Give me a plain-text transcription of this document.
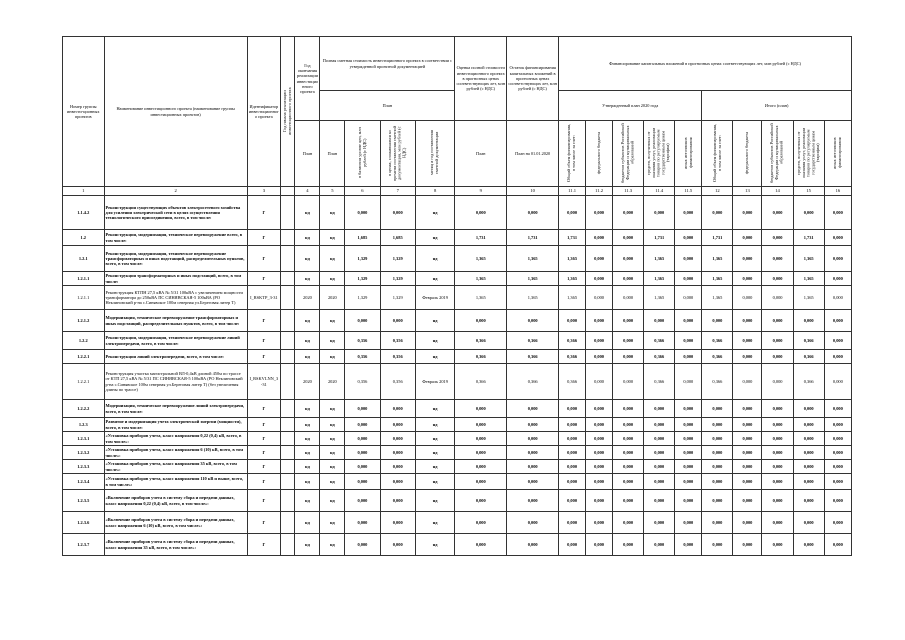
Номер группы инвести-ционных проектов	Наименование инвестиционного проекта (наименование группы инвестиционных проектов)	Идентификатор инвестиционного проекта	Год начала реализации инвестиционного проекта	Год окончания реализации инвестиционного проекта	Полная сметная стоимость инвестиционного проекта в соответствии с утвержденной проектной документацией				Оценка полной стоимости инвестиционного проекта в прогнозных ценах соответствующих лет, млн рублей (с НДС)	Остаток финансирования капитальных вложений в прогнозных ценах соответствующих лет, млн рублей (с НДС)	Финансирование капитальных вложений в прогнозных ценах соответствующих лет, млн рублей (с НДС)									
					План						Утвержденный план 2020 года					Итого (план)				
				План	План	в базисном уровне цен, млн рублей (с НДС)	в ценах, сложившихся ко времени составления сметной документации, млн рублей (с НДС)	месяц и год составления сметной документации	План	План на 01.01.2020	Общий объем финансирования, в том числе за счет:	федерального бюджета	бюджетов субъектов Российской Федерации и муниципальных образований	средств, полученных от оказания услуг, реализации товаров по регулируемым государственным ценам (тарифам)	иных источников финансирования	Общий объем финансирования, в том числе за счет:	федерального бюджета	бюджетов субъектов Российской Федерации и муниципальных образований	средств, полученных от оказания услуг, реализации товаров по регулируемым государственным ценам (тарифам)	иных источников финансирования
1	2	3		4	5	6	7	8	9	10	11.1	11.2	11.3	11.4	11.5	12	13	14	15	16
1.1.4.2	Реконструкция существующих объектов электросетевого хозяйства для усиления электрической сети в целях осуществления технологического присоединения, всего, в том числе:	Г		нд	нд	0,000	0,000	нд	0,000	0,000	0,000	0,000	0,000	0,000	0,000	0,000	0,000	0,000	0,000	0,000
1.2	Реконструкция, модернизация, техническое перевооружение всего, в том числе:	Г		нд	нд	1,685	1,685	нд	1,731	1,731	1,731	0,000	0,000	1,731	0,000	1,731	0,000	0,000	1,731	0,000
1.2.1	Реконструкция, модернизация, техническое перевооружение трансформаторных и иных подстанций, распределительных пунктов, всего, в том числе:	Г		нд	нд	1,329	1,329	нд	1,365	1,365	1,365	0,000	0,000	1,365	0,000	1,365	0,000	0,000	1,365	0,000
1.2.1.1	Реконструкция трансформаторных и иных подстанций, всего, в том числе:	Г		нд	нд	1,329	1,329	нд	1,365	1,365	1,365	0,000	0,000	1,365	0,000	1,365	0,000	0,000	1,365	0,000
1.2.1.1	Реконструкция КТПН 27,5 кВА № 5/31 100кВА с увеличением мощности трансформатора до 250кВА ПС СИНЯВСКАЯ-5 100кВА (РО Неклиновский р-на с.Синявское 100м северная ул.Береговая литер Т)	I_RSKTP_3-31		2020	2020	1,329	1,329	Февраль 2019	1,365	1,365	1,365	0,000	0,000	1,365	0,000	1,365	0,000	0,000	1,365	0,000
1.2.1.2	Модернизация, техническое перевооружение трансформаторных и иных подстанций, распределительных пунктов, всего, в том числе:	Г		нд	нд	0,000	0,000	нд	0,000	0,000	0,000	0,000	0,000	0,000	0,000	0,000	0,000	0,000	0,000	0,000
1.2.2	Реконструкция, модернизация, техническое перевооружение линий электропередачи, всего, в том числе:	Г		нд	нд	0,356	0,356	нд	0,366	0,366	0,366	0,000	0,000	0,366	0,000	0,366	0,000	0,000	0,366	0,000
1.2.2.1	Реконструкция линий электропередачи, всего, в том числе:	Г		нд	нд	0,356	0,356	нд	0,366	0,366	0,366	0,000	0,000	0,366	0,000	0,366	0,000	0,000	0,366	0,000
1.2.2.1	Реконструкция участка магистральной ВЛ-0,4кВ длиной 450м по трассе от КТП 27,5 кВА № 5/31 ПС СИНЯВСКАЯ-5 100кВА (РО Неклиновский р-на с.Синявское 100м северная ул.Береговая литер Т) (без увеличения длины по трассе)	I_RSKVLNN_3-31		2020	2020	0,356	0,356	Февраль 2019	0,366	0,366	0,366	0,000	0,000	0,366	0,000	0,366	0,000	0,000	0,366	0,000
1.2.2.2	Модернизация, техническое перевооружение линий электропередачи, всего, в том числе:	Г		нд	нд	0,000	0,000	нд	0,000	0,000	0,000	0,000	0,000	0,000	0,000	0,000	0,000	0,000	0,000	0,000
1.2.3	Развитие и модернизация учета электрической энергии (мощности), всего, в том числе:	Г		нд	нд	0,000	0,000	нд	0,000	0,000	0,000	0,000	0,000	0,000	0,000	0,000	0,000	0,000	0,000	0,000
1.2.3.1	«Установка приборов учета, класс напряжения 0,22 (0,4) кВ, всего, в том числе»:	Г		нд	нд	0,000	0,000	нд	0,000	0,000	0,000	0,000	0,000	0,000	0,000	0,000	0,000	0,000	0,000	0,000
1.2.3.2	«Установка приборов учета, класс напряжения 6 (10) кВ, всего, в том числе»:	Г		нд	нд	0,000	0,000	нд	0,000	0,000	0,000	0,000	0,000	0,000	0,000	0,000	0,000	0,000	0,000	0,000
1.2.3.3	«Установка приборов учета, класс напряжения 35 кВ, всего, в том числе»:	Г		нд	нд	0,000	0,000	нд	0,000	0,000	0,000	0,000	0,000	0,000	0,000	0,000	0,000	0,000	0,000	0,000
1.2.3.4	«Установка приборов учета, класс напряжения 110 кВ и выше, всего, в том числе»:	Г		нд	нд	0,000	0,000	нд	0,000	0,000	0,000	0,000	0,000	0,000	0,000	0,000	0,000	0,000	0,000	0,000
1.2.3.5	«Включение приборов учета в систему сбора и передачи данных, класс напряжения 0,22 (0,4) кВ, всего, в том числе»:	Г		нд	нд	0,000	0,000	нд	0,000	0,000	0,000	0,000	0,000	0,000	0,000	0,000	0,000	0,000	0,000	0,000
1.2.3.6	«Включение приборов учета в систему сбора и передачи данных, класс напряжения 6 (10) кВ, всего, в том числе»:	Г		нд	нд	0,000	0,000	нд	0,000	0,000	0,000	0,000	0,000	0,000	0,000	0,000	0,000	0,000	0,000	0,000
1.2.3.7	«Включение приборов учета в систему сбора и передачи данных, класс напряжения 35 кВ, всего, в том числе»:	Г		нд	нд	0,000	0,000	нд	0,000	0,000	0,000	0,000	0,000	0,000	0,000	0,000	0,000	0,000	0,000	0,000
